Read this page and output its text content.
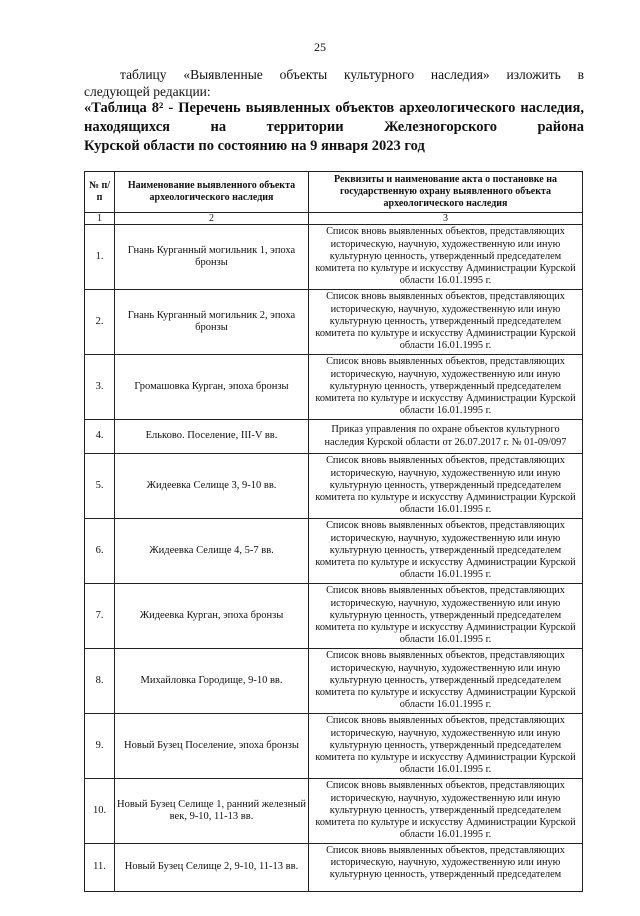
25
таблицу «Выявленные объекты культурного наследия» изложить в
следующей редакции:
«Таблица 8² - Перечень выявленных объектов археологического наследия, находящихся на территории Железногорского района
Курской области по состоянию на 9 января 2023 год
№ п/п	Наименование выявленного объекта археологического наследия	Реквизиты и наименование акта о постановке на государственную охрану выявленного объекта археологического наследия
1	2	3
1.	Гнань Курганный могильник 1, эпоха бронзы	Список вновь выявленных объектов, представляющих историческую, научную, художественную или иную культурную ценность, утвержденный председателем комитета по культуре и искусству Администрации Курской области 16.01.1995 г.
2.	Гнань Курганный могильник 2, эпоха бронзы	Список вновь выявленных объектов, представляющих историческую, научную, художественную или иную культурную ценность, утвержденный председателем комитета по культуре и искусству Администрации Курской области 16.01.1995 г.
3.	Громашовка Курган, эпоха бронзы	Список вновь выявленных объектов, представляющих историческую, научную, художественную или иную культурную ценность, утвержденный председателем комитета по культуре и искусству Администрации Курской области 16.01.1995 г.
4.	Ельково. Поселение, III-V вв.	Приказ управления по охране объектов культурного наследия Курской области от 26.07.2017 г. № 01-09/097
5.	Жидеевка Селище 3, 9-10 вв.	Список вновь выявленных объектов, представляющих историческую, научную, художественную или иную культурную ценность, утвержденный председателем комитета по культуре и искусству Администрации Курской области 16.01.1995 г.
6.	Жидеевка Селище 4, 5-7 вв.	Список вновь выявленных объектов, представляющих историческую, научную, художественную или иную культурную ценность, утвержденный председателем комитета по культуре и искусству Администрации Курской области 16.01.1995 г.
7.	Жидеевка Курган, эпоха бронзы	Список вновь выявленных объектов, представляющих историческую, научную, художественную или иную культурную ценность, утвержденный председателем комитета по культуре и искусству Администрации Курской области 16.01.1995 г.
8.	Михайловка Городище, 9-10 вв.	Список вновь выявленных объектов, представляющих историческую, научную, художественную или иную культурную ценность, утвержденный председателем комитета по культуре и искусству Администрации Курской области 16.01.1995 г.
9.	Новый Бузец Поселение, эпоха бронзы	Список вновь выявленных объектов, представляющих историческую, научную, художественную или иную культурную ценность, утвержденный председателем комитета по культуре и искусству Администрации Курской области 16.01.1995 г.
10.	Новый Бузец Селище 1, ранний железный век, 9-10, 11-13 вв.	Список вновь выявленных объектов, представляющих историческую, научную, художественную или иную культурную ценность, утвержденный председателем комитета по культуре и искусству Администрации Курской области 16.01.1995 г.
11.	Новый Бузец Селище 2, 9-10, 11-13 вв.	Список вновь выявленных объектов, представляющих историческую, научную, художественную или иную культурную ценность, утвержденный председателем
